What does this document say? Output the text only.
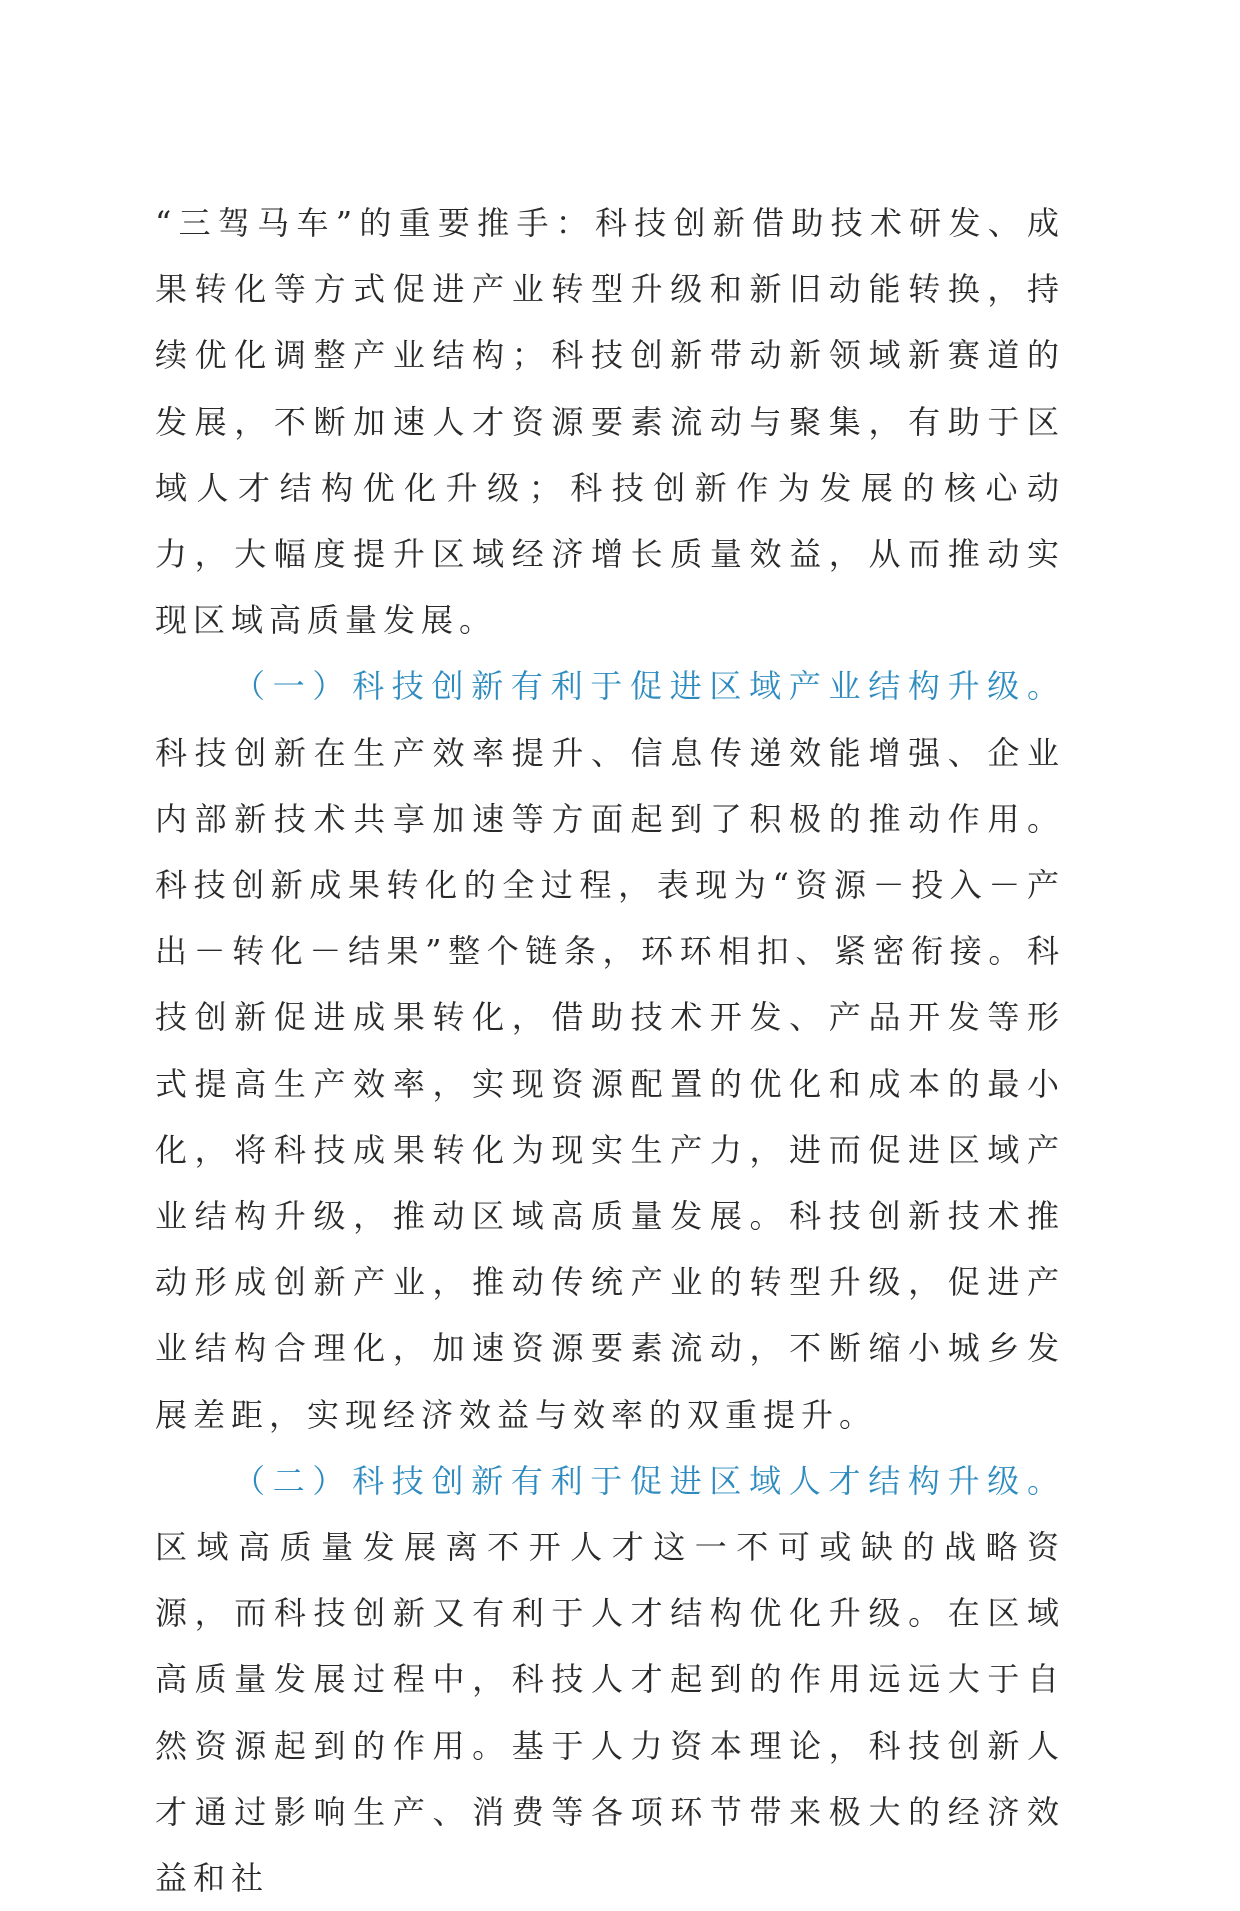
“三驾马车”的重要推手：科技创新借助技术研发、成果转化等方式促进产业转型升级和新旧动能转换，持续优化调整产业结构；科技创新带动新领域新赛道的发展，不断加速人才资源要素流动与聚集，有助于区域人才结构优化升级；科技创新作为发展的核心动力，大幅度提升区域经济增长质量效益，从而推动实现区域高质量发展。

（一）科技创新有利于促进区域产业结构升级。科技创新在生产效率提升、信息传递效能增强、企业内部新技术共享加速等方面起到了积极的推动作用。科技创新成果转化的全过程，表现为“资源－投入－产出－转化－结果”整个链条，环环相扣、紧密衔接。科技创新促进成果转化，借助技术开发、产品开发等形式提高生产效率，实现资源配置的优化和成本的最小化，将科技成果转化为现实生产力，进而促进区域产业结构升级，推动区域高质量发展。科技创新技术推动形成创新产业，推动传统产业的转型升级，促进产业结构合理化，加速资源要素流动，不断缩小城乡发展差距，实现经济效益与效率的双重提升。

（二）科技创新有利于促进区域人才结构升级。区域高质量发展离不开人才这一不可或缺的战略资源，而科技创新又有利于人才结构优化升级。在区域高质量发展过程中，科技人才起到的作用远远大于自然资源起到的作用。基于人力资本理论，科技创新人才通过影响生产、消费等各项环节带来极大的经济效益和社
